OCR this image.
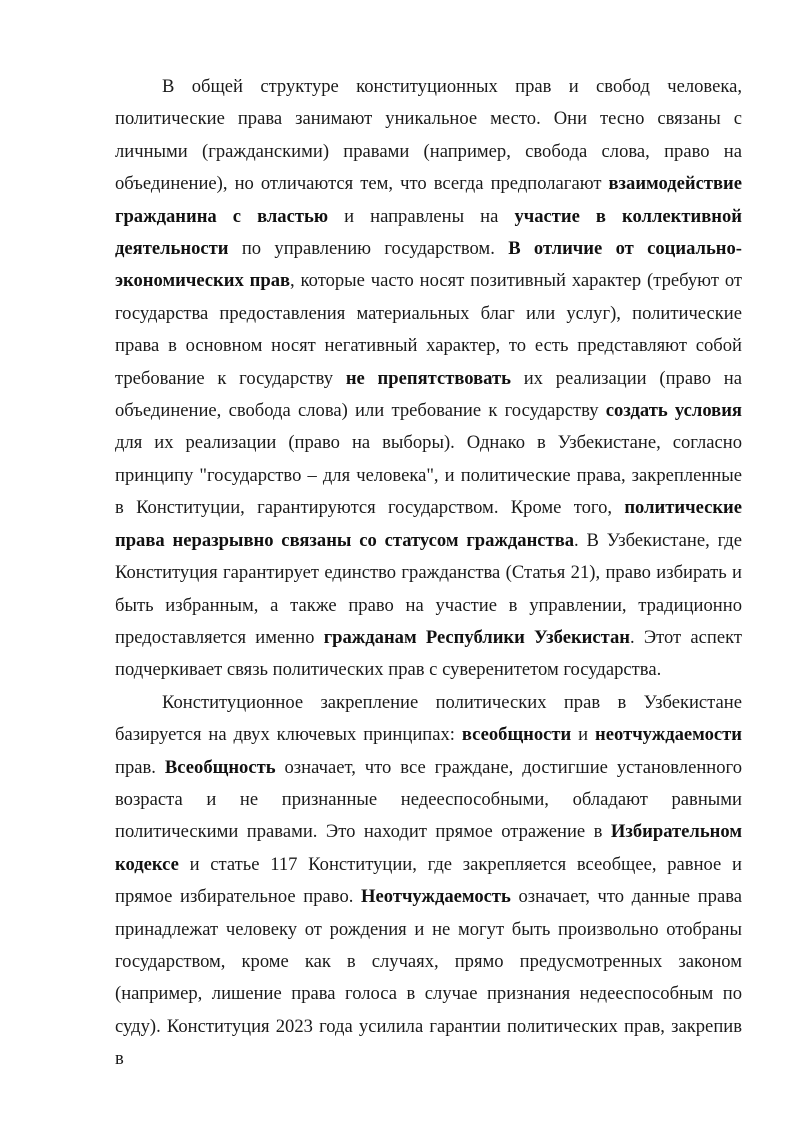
В общей структуре конституционных прав и свобод человека, политические права занимают уникальное место. Они тесно связаны с личными (гражданскими) правами (например, свобода слова, право на объединение), но отличаются тем, что всегда предполагают взаимодействие гражданина с властью и направлены на участие в коллективной деятельности по управлению государством. В отличие от социально-экономических прав, которые часто носят позитивный характер (требуют от государства предоставления материальных благ или услуг), политические права в основном носят негативный характер, то есть представляют собой требование к государству не препятствовать их реализации (право на объединение, свобода слова) или требование к государству создать условия для их реализации (право на выборы). Однако в Узбекистане, согласно принципу "государство – для человека", и политические права, закрепленные в Конституции, гарантируются государством. Кроме того, политические права неразрывно связаны со статусом гражданства. В Узбекистане, где Конституция гарантирует единство гражданства (Статья 21), право избирать и быть избранным, а также право на участие в управлении, традиционно предоставляется именно гражданам Республики Узбекистан. Этот аспект подчеркивает связь политических прав с суверенитетом государства.

Конституционное закрепление политических прав в Узбекистане базируется на двух ключевых принципах: всеобщности и неотчуждаемости прав. Всеобщность означает, что все граждане, достигшие установленного возраста и не признанные недееспособными, обладают равными политическими правами. Это находит прямое отражение в Избирательном кодексе и статье 117 Конституции, где закрепляется всеобщее, равное и прямое избирательное право. Неотчуждаемость означает, что данные права принадлежат человеку от рождения и не могут быть произвольно отобраны государством, кроме как в случаях, прямо предусмотренных законом (например, лишение права голоса в случае признания недееспособным по суду). Конституция 2023 года усилила гарантии политических прав, закрепив в
